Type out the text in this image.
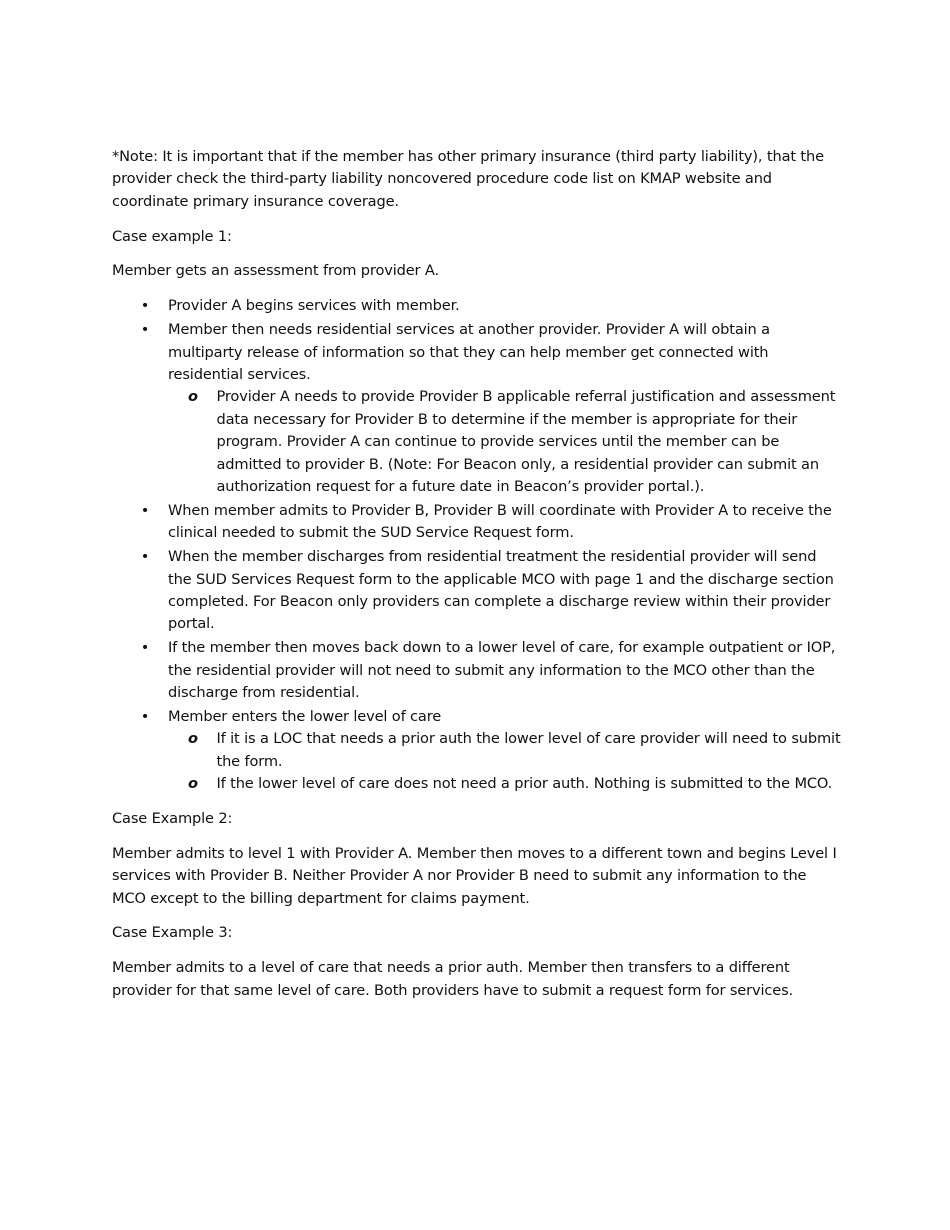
*Note: It is important that if the member has other primary insurance (third party liability), that the provider check the third-party liability noncovered procedure code list on KMAP website and coordinate primary insurance coverage.

Case example 1:

Member gets an assessment from provider A.

• Provider A begins services with member.
• Member then needs residential services at another provider. Provider A will obtain a multiparty release of information so that they can help member get connected with residential services.
o Provider A needs to provide Provider B applicable referral justification and assessment data necessary for Provider B to determine if the member is appropriate for their program. Provider A can continue to provide services until the member can be admitted to provider B. (Note: For Beacon only, a residential provider can submit an authorization request for a future date in Beacon’s provider portal.).
• When member admits to Provider B, Provider B will coordinate with Provider A to receive the clinical needed to submit the SUD Service Request form.
• When the member discharges from residential treatment the residential provider will send the SUD Services Request form to the applicable MCO with page 1 and the discharge section completed. For Beacon only providers can complete a discharge review within their provider portal.
• If the member then moves back down to a lower level of care, for example outpatient or IOP, the residential provider will not need to submit any information to the MCO other than the discharge from residential.
• Member enters the lower level of care
o If it is a LOC that needs a prior auth the lower level of care provider will need to submit the form.
o If the lower level of care does not need a prior auth. Nothing is submitted to the MCO.

Case Example 2:

Member admits to level 1 with Provider A. Member then moves to a different town and begins Level I services with Provider B. Neither Provider A nor Provider B need to submit any information to the MCO except to the billing department for claims payment.

Case Example 3:

Member admits to a level of care that needs a prior auth. Member then transfers to a different provider for that same level of care. Both providers have to submit a request form for services.
